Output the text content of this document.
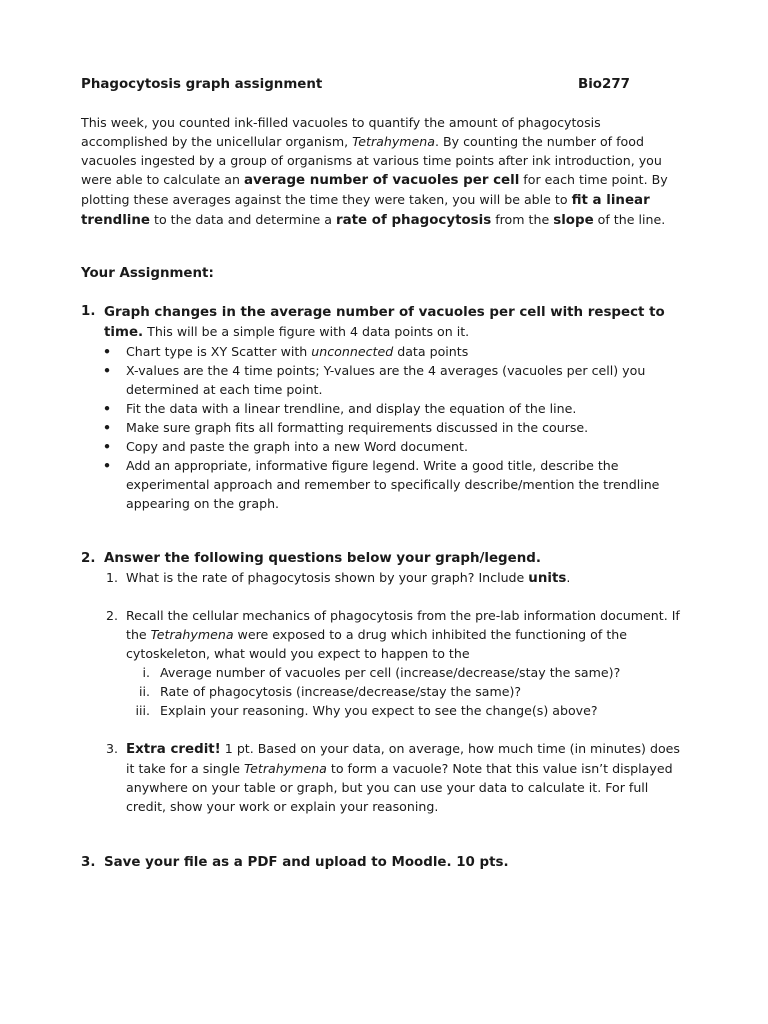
Phagocytosis graph assignment	Bio277
This week, you counted ink-filled vacuoles to quantify the amount of phagocytosis accomplished by the unicellular organism, Tetrahymena. By counting the number of food vacuoles ingested by a group of organisms at various time points after ink introduction, you were able to calculate an average number of vacuoles per cell for each time point. By plotting these averages against the time they were taken, you will be able to fit a linear trendline to the data and determine a rate of phagocytosis from the slope of the line.
Your Assignment:
1. Graph changes in the average number of vacuoles per cell with respect to time. This will be a simple figure with 4 data points on it.
• Chart type is XY Scatter with unconnected data points
• X-values are the 4 time points; Y-values are the 4 averages (vacuoles per cell) you determined at each time point.
• Fit the data with a linear trendline, and display the equation of the line.
• Make sure graph fits all formatting requirements discussed in the course.
• Copy and paste the graph into a new Word document.
• Add an appropriate, informative figure legend. Write a good title, describe the experimental approach and remember to specifically describe/mention the trendline appearing on the graph.
2. Answer the following questions below your graph/legend.
1. What is the rate of phagocytosis shown by your graph? Include units.
2. Recall the cellular mechanics of phagocytosis from the pre-lab information document. If the Tetrahymena were exposed to a drug which inhibited the functioning of the cytoskeleton, what would you expect to happen to the
i. Average number of vacuoles per cell (increase/decrease/stay the same)?
ii. Rate of phagocytosis (increase/decrease/stay the same)?
iii. Explain your reasoning. Why you expect to see the change(s) above?
3. Extra credit! 1 pt. Based on your data, on average, how much time (in minutes) does it take for a single Tetrahymena to form a vacuole? Note that this value isn’t displayed anywhere on your table or graph, but you can use your data to calculate it. For full credit, show your work or explain your reasoning.
3. Save your file as a PDF and upload to Moodle. 10 pts.
